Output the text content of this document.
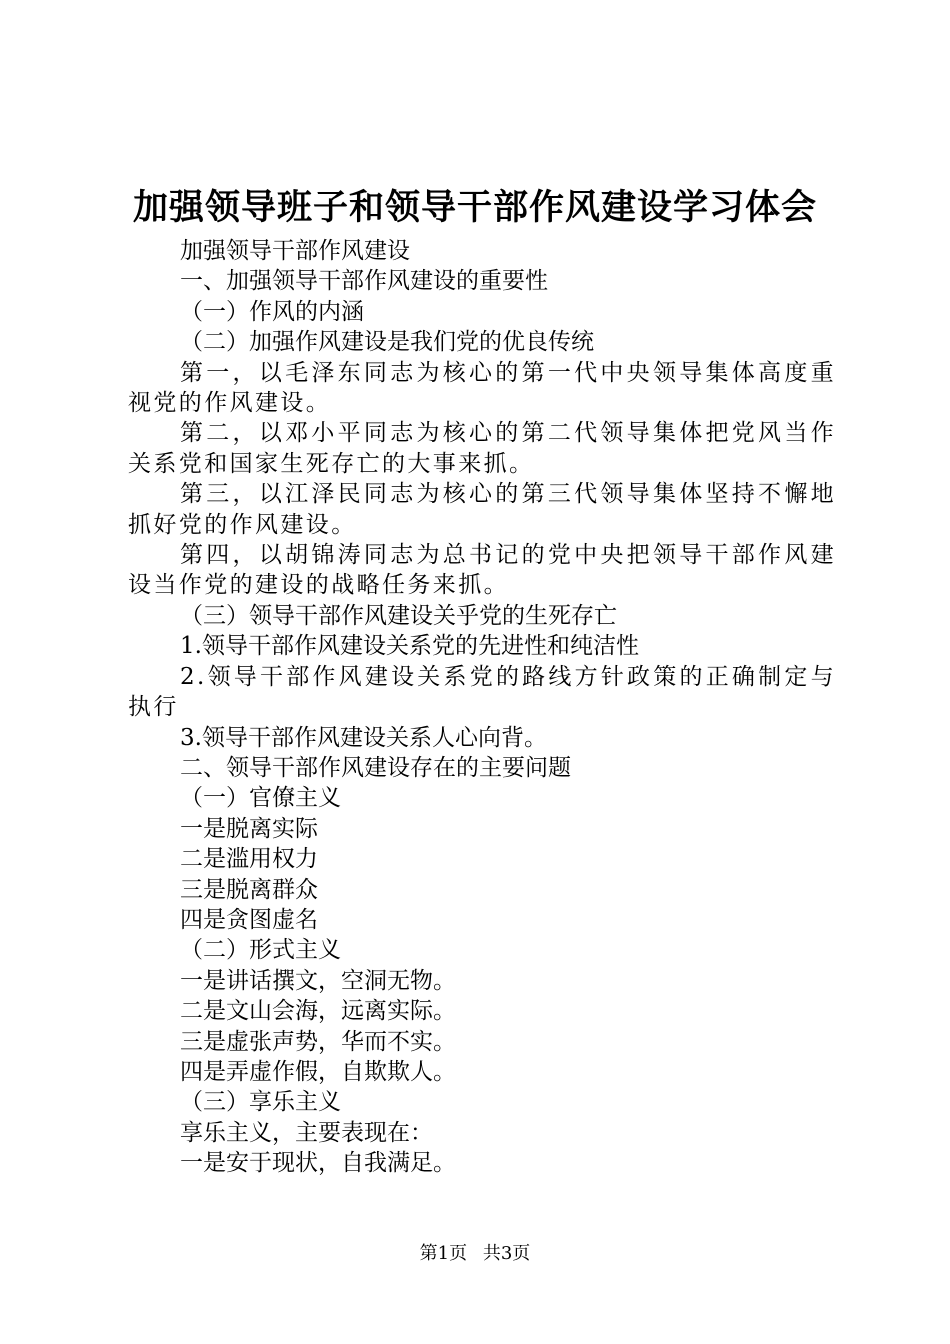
加强领导班子和领导干部作风建设学习体会

加强领导干部作风建设

一、加强领导干部作风建设的重要性

（一）作风的内涵

（二）加强作风建设是我们党的优良传统

第一，以毛泽东同志为核心的第一代中央领导集体高度重视党的作风建设。

第二，以邓小平同志为核心的第二代领导集体把党风当作关系党和国家生死存亡的大事来抓。

第三，以江泽民同志为核心的第三代领导集体坚持不懈地抓好党的作风建设。

第四，以胡锦涛同志为总书记的党中央把领导干部作风建设当作党的建设的战略任务来抓。

（三）领导干部作风建设关乎党的生死存亡

1.领导干部作风建设关系党的先进性和纯洁性

2.领导干部作风建设关系党的路线方针政策的正确制定与执行

3.领导干部作风建设关系人心向背。

二、领导干部作风建设存在的主要问题

（一）官僚主义

一是脱离实际

二是滥用权力

三是脱离群众

四是贪图虚名

（二）形式主义

一是讲话撰文，空洞无物。

二是文山会海，远离实际。

三是虚张声势，华而不实。

四是弄虚作假，自欺欺人。

（三）享乐主义

享乐主义，主要表现在：

一是安于现状，自我满足。

第1页 共3页
